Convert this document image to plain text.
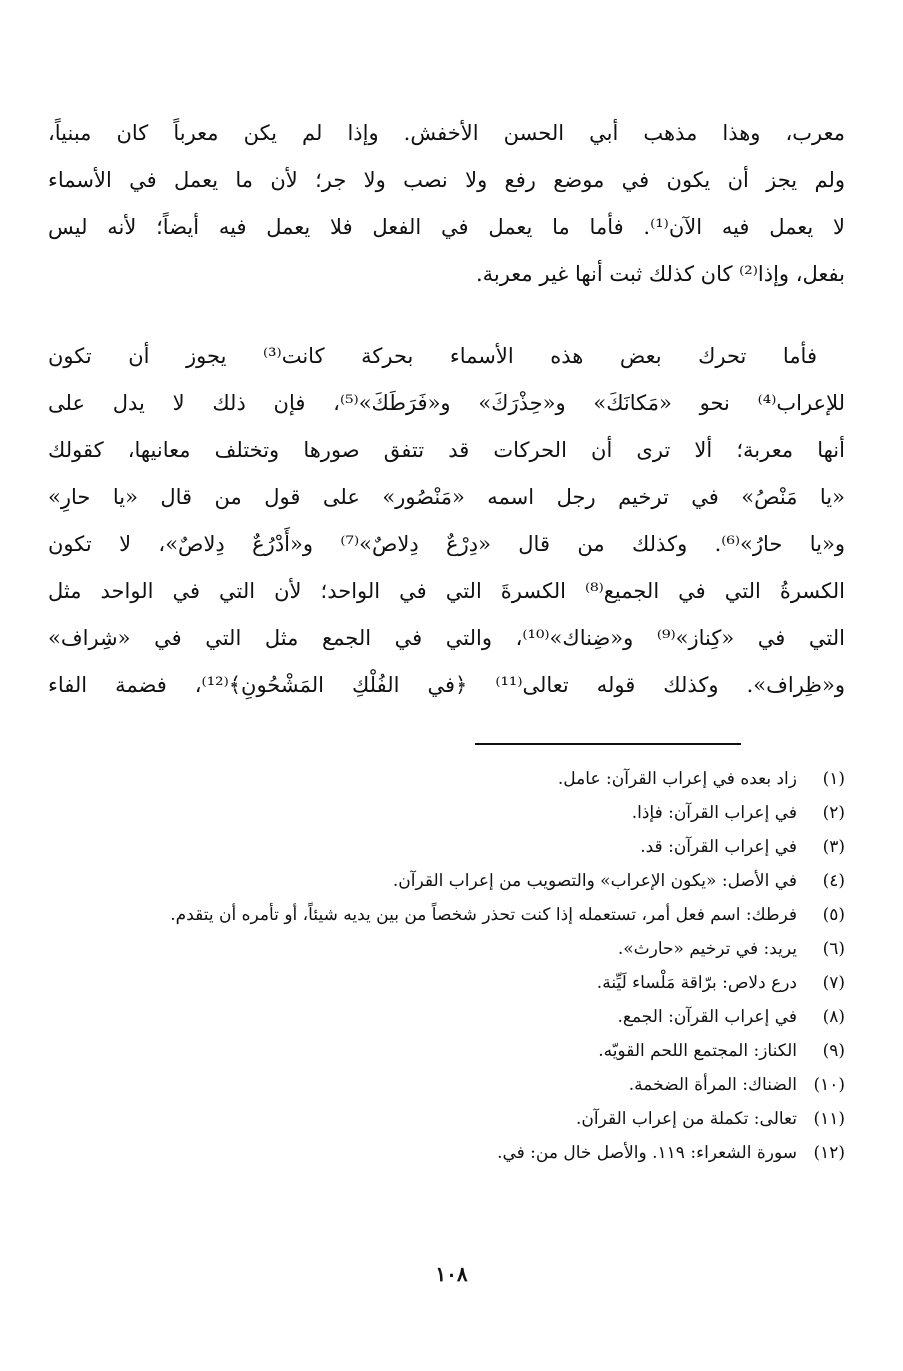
معرب، وهذا مذهب أبي الحسن الأخفش. وإذا لم يكن معرباً كان مبنياً،
ولم يجز أن يكون في موضع رفع ولا نصب ولا جر؛ لأن ما يعمل في الأسماء
لا يعمل فيه الآن⁽¹⁾. فأما ما يعمل في الفعل فلا يعمل فيه أيضاً؛ لأنه ليس
بفعل، وإذا⁽²⁾ كان كذلك ثبت أنها غير معربة.
فأما تحرك بعض هذه الأسماء بحركة كانت⁽³⁾ يجوز أن تكون
للإعراب⁽⁴⁾ نحو «مَكانَكَ» و«حِذْرَكَ» و«فَرَطَكَ»⁽⁵⁾، فإن ذلك لا يدل على
أنها معربة؛ ألا ترى أن الحركات قد تتفق صورها وتختلف معانيها، كقولك
«يا مَنْصُ» في ترخيم رجل اسمه «مَنْصُور» على قول من قال «يا حارِ»
و«يا حارُ»⁽⁶⁾. وكذلك من قال «دِرْعٌ دِلاصٌ»⁽⁷⁾ و«أَدْرُعٌ دِلاصٌ»، لا تكون
الكسرةُ التي في الجميع⁽⁸⁾ الكسرةَ التي في الواحد؛ لأن التي في الواحد مثل
التي في «كِناز»⁽⁹⁾ و«ضِناك»⁽¹⁰⁾، والتي في الجمع مثل التي في «شِراف»
و«ظِراف». وكذلك قوله تعالى⁽¹¹⁾ ﴿في الفُلْكِ المَشْحُونِ﴾⁽¹²⁾، فضمة الفاء
(١)
زاد بعده في إعراب القرآن: عامل.
(٢)
في إعراب القرآن: فإذا.
(٣)
في إعراب القرآن: قد.
(٤)
في الأصل: «يكون الإعراب» والتصويب من إعراب القرآن.
(٥)
فرطك: اسم فعل أمر، تستعمله إذا كنت تحذر شخصاً من بين يديه شيئاً، أو تأمره أن يتقدم.
(٦)
يريد: في ترخيم «حارث».
(٧)
درع دلاص: برّاقة مَلْساء لَيِّنة.
(٨)
في إعراب القرآن: الجمع.
(٩)
الكناز: المجتمع اللحم القويّه.
(١٠)
الضناك: المرأة الضخمة.
(١١)
تعالى: تكملة من إعراب القرآن.
(١٢)
سورة الشعراء: ١١٩. والأصل خال من: في.
١٠٨
